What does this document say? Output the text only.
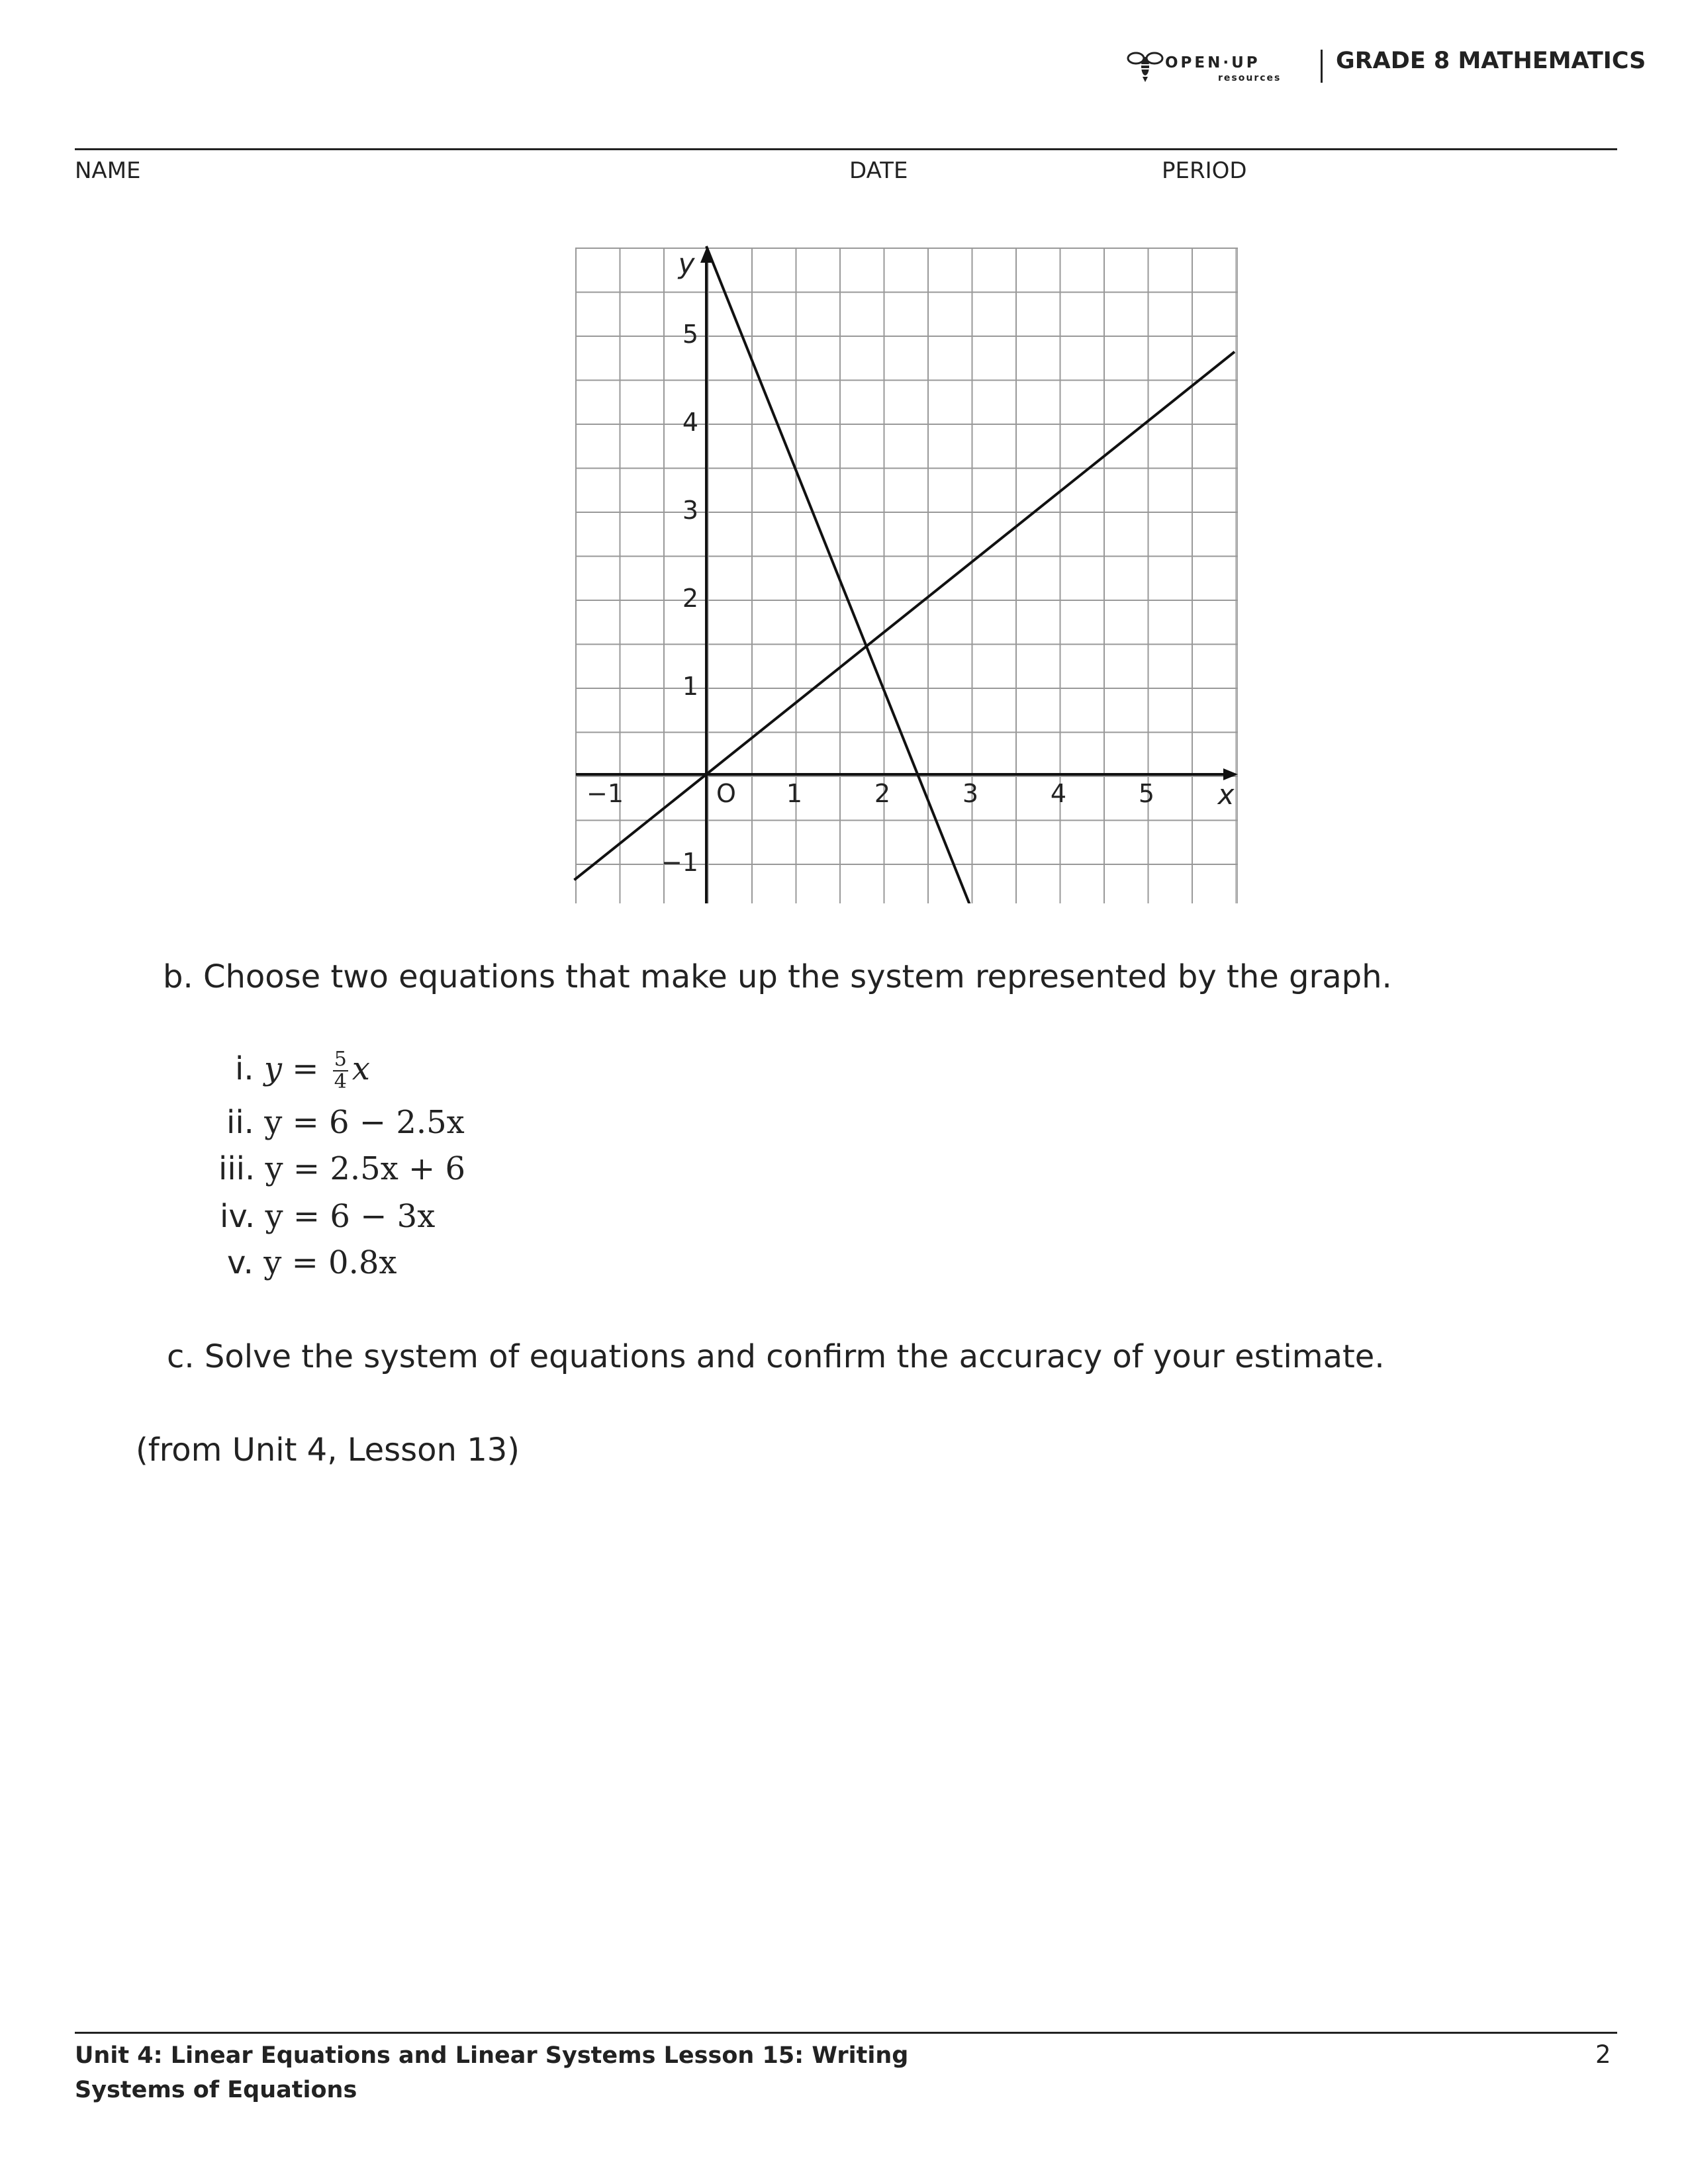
OPEN·UP
resources
GRADE 8 MATHEMATICS
NAME	DATE	PERIOD
−1	1	2	3	4	5
−1
1
2
3
4
5
O	x
y
b. Choose two equations that make up the system represented by the graph.
i. $y = \frac{5}{4}$ x
ii. y = 6 − 2.5x
iii. y = 2.5x + 6
iv. y = 6 − 3x
v. y = 0.8x
c. Solve the system of equations and confirm the accuracy of your estimate.
(from Unit 4, Lesson 13)
Unit 4: Linear Equations and Linear Systems Lesson 15: Writing Systems of Equations
2
